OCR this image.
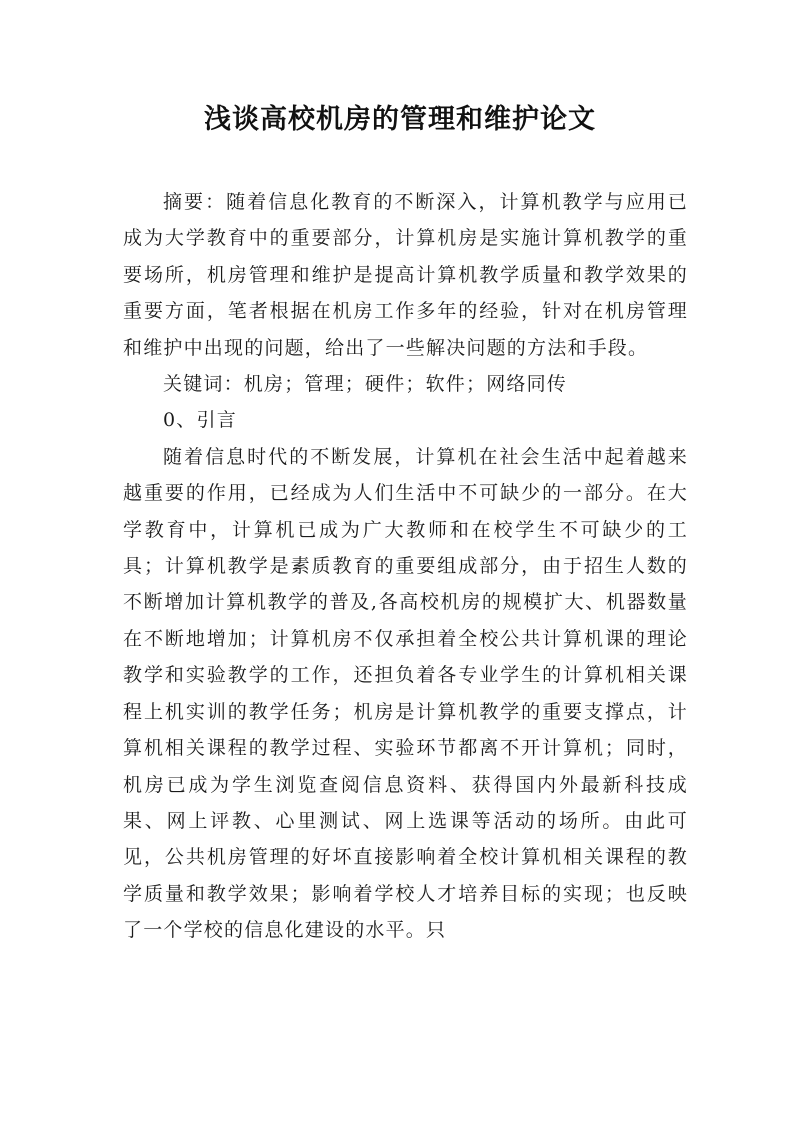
浅谈高校机房的管理和维护论文

摘要：随着信息化教育的不断深入，计算机教学与应用已成为大学教育中的重要部分，计算机房是实施计算机教学的重要场所，机房管理和维护是提高计算机教学质量和教学效果的重要方面，笔者根据在机房工作多年的经验，针对在机房管理和维护中出现的问题，给出了一些解决问题的方法和手段。

关键词：机房；管理；硬件；软件；网络同传

0、引言

随着信息时代的不断发展，计算机在社会生活中起着越来越重要的作用，已经成为人们生活中不可缺少的一部分。在大学教育中，计算机已成为广大教师和在校学生不可缺少的工具；计算机教学是素质教育的重要组成部分，由于招生人数的不断增加计算机教学的普及,各高校机房的规模扩大、机器数量在不断地增加；计算机房不仅承担着全校公共计算机课的理论教学和实验教学的工作，还担负着各专业学生的计算机相关课程上机实训的教学任务；机房是计算机教学的重要支撑点，计算机相关课程的教学过程、实验环节都离不开计算机；同时，机房已成为学生浏览查阅信息资料、获得国内外最新科技成果、网上评教、心里测试、网上选课等活动的场所。由此可见，公共机房管理的好坏直接影响着全校计算机相关课程的教学质量和教学效果；影响着学校人才培养目标的实现；也反映了一个学校的信息化建设的水平。只
